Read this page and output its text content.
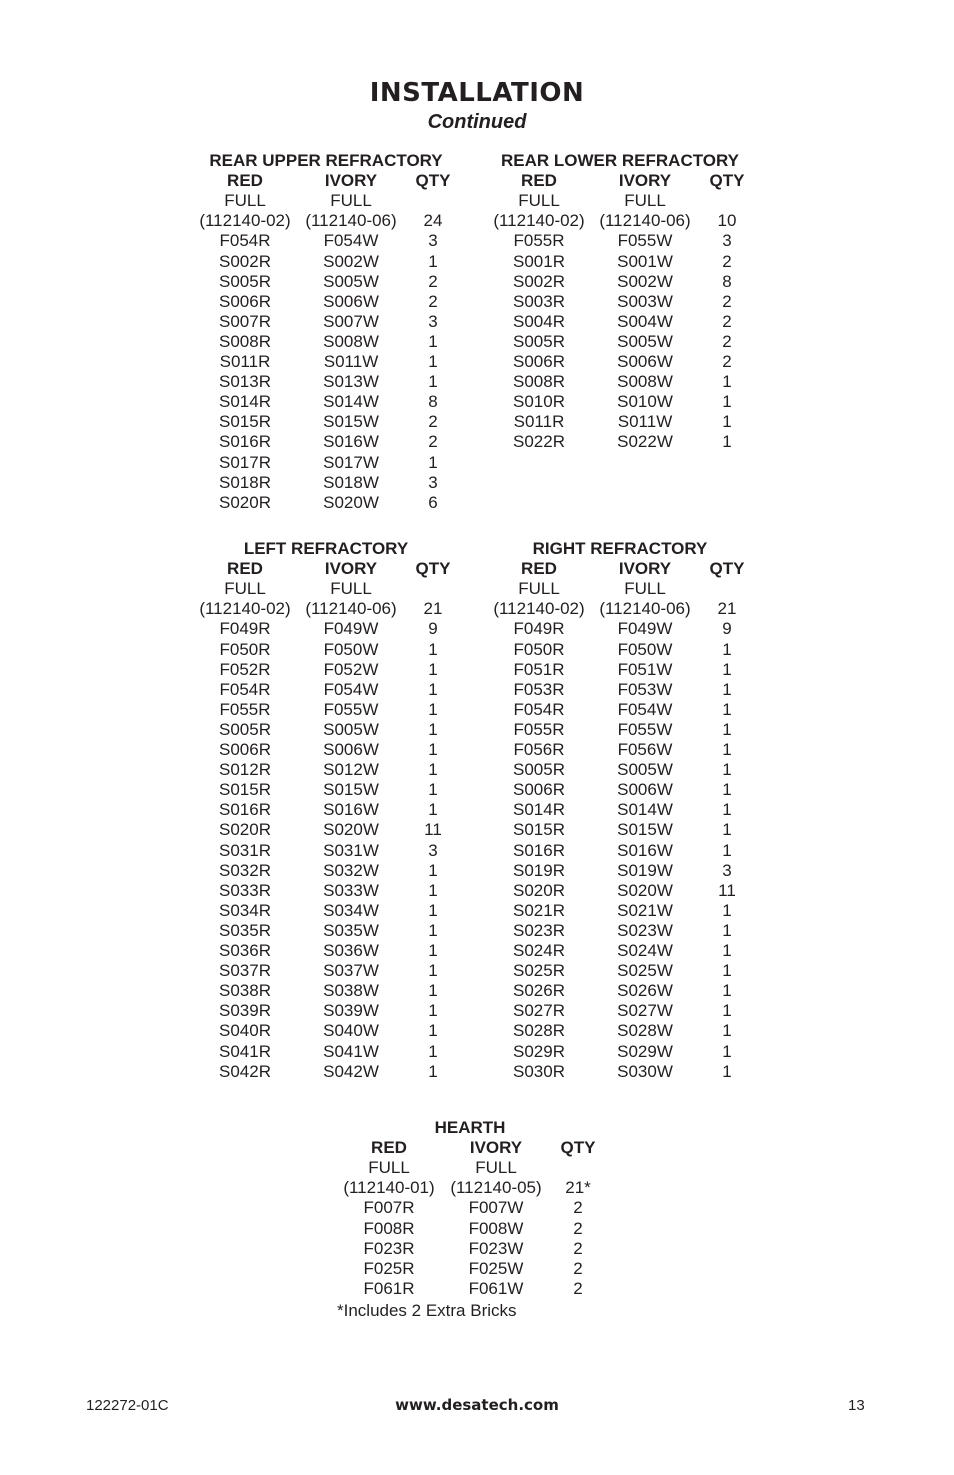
INSTALLATION
Continued
REAR UPPER REFRACTORY
RED	IVORY	QTY
FULL	FULL
(112140-02) (112140-06)	24
F054R	F054W	3
S002R	S002W	1
S005R	S005W	2
S006R	S006W	2
S007R	S007W	3
S008R	S008W	1
S011R	S011W	1
S013R	S013W	1
S014R	S014W	8
S015R	S015W	2
S016R	S016W	2
S017R	S017W	1
S018R	S018W	3
S020R	S020W	6
REAR LOWER REFRACTORY
RED	IVORY	QTY
FULL	FULL
(112140-02) (112140-06)	10
F055R	F055W	3
S001R	S001W	2
S002R	S002W	8
S003R	S003W	2
S004R	S004W	2
S005R	S005W	2
S006R	S006W	2
S008R	S008W	1
S010R	S010W	1
S011R	S011W	1
S022R	S022W	1
LEFT REFRACTORY
RED	IVORY	QTY
FULL	FULL
(112140-02) (112140-06)	21
F049R	F049W	9
F050R	F050W	1
F052R	F052W	1
F054R	F054W	1
F055R	F055W	1
S005R	S005W	1
S006R	S006W	1
S012R	S012W	1
S015R	S015W	1
S016R	S016W	1
S020R	S020W	11
S031R	S031W	3
S032R	S032W	1
S033R	S033W	1
S034R	S034W	1
S035R	S035W	1
S036R	S036W	1
S037R	S037W	1
S038R	S038W	1
S039R	S039W	1
S040R	S040W	1
S041R	S041W	1
S042R	S042W	1
RIGHT REFRACTORY
RED	IVORY	QTY
FULL	FULL
(112140-02) (112140-06)	21
F049R	F049W	9
F050R	F050W	1
F051R	F051W	1
F053R	F053W	1
F054R	F054W	1
F055R	F055W	1
F056R	F056W	1
S005R	S005W	1
S006R	S006W	1
S014R	S014W	1
S015R	S015W	1
S016R	S016W	1
S019R	S019W	3
S020R	S020W	11
S021R	S021W	1
S023R	S023W	1
S024R	S024W	1
S025R	S025W	1
S026R	S026W	1
S027R	S027W	1
S028R	S028W	1
S029R	S029W	1
S030R	S030W	1
HEARTH
RED	IVORY	QTY
FULL	FULL
(112140-01) (112140-05)	21*
F007R	F007W	2
F008R	F008W	2
F023R	F023W	2
F025R	F025W	2
F061R	F061W	2
*Includes 2 Extra Bricks
122272-01C	www.desatech.com	13
